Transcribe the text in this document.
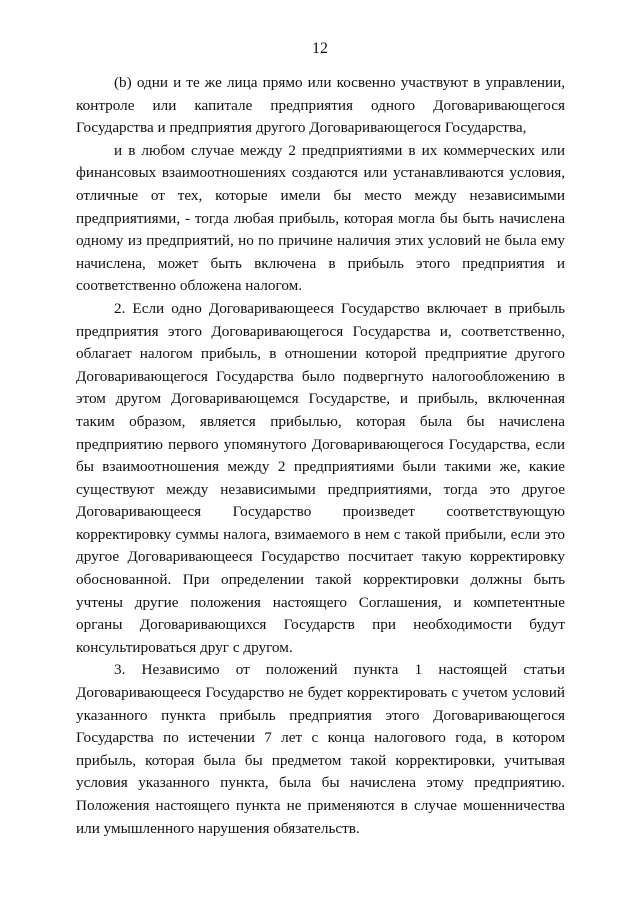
12

(b) одни и те же лица прямо или косвенно участвуют в управлении, контроле или капитале предприятия одного Договаривающегося Государства и предприятия другого Договаривающегося Государства,

и в любом случае между 2 предприятиями в их коммерческих или финансовых взаимоотношениях создаются или устанавливаются условия, отличные от тех, которые имели бы место между независимыми предприятиями, - тогда любая прибыль, которая могла бы быть начислена одному из предприятий, но по причине наличия этих условий не была ему начислена, может быть включена в прибыль этого предприятия и соответственно обложена налогом.

2. Если одно Договаривающееся Государство включает в прибыль предприятия этого Договаривающегося Государства и, соответственно, облагает налогом прибыль, в отношении которой предприятие другого Договаривающегося Государства было подвергнуто налогообложению в этом другом Договаривающемся Государстве, и прибыль, включенная таким образом, является прибылью, которая была бы начислена предприятию первого упомянутого Договаривающегося Государства, если бы взаимоотношения между 2 предприятиями были такими же, какие существуют между независимыми предприятиями, тогда это другое Договаривающееся Государство произведет соответствующую корректировку суммы налога, взимаемого в нем с такой прибыли, если это другое Договаривающееся Государство посчитает такую корректировку обоснованной. При определении такой корректировки должны быть учтены другие положения настоящего Соглашения, и компетентные органы Договаривающихся Государств при необходимости будут консультироваться друг с другом.

3. Независимо от положений пункта 1 настоящей статьи Договаривающееся Государство не будет корректировать с учетом условий указанного пункта прибыль предприятия этого Договаривающегося Государства по истечении 7 лет с конца налогового года, в котором прибыль, которая была бы предметом такой корректировки, учитывая условия указанного пункта, была бы начислена этому предприятию. Положения настоящего пункта не применяются в случае мошенничества или умышленного нарушения обязательств.
